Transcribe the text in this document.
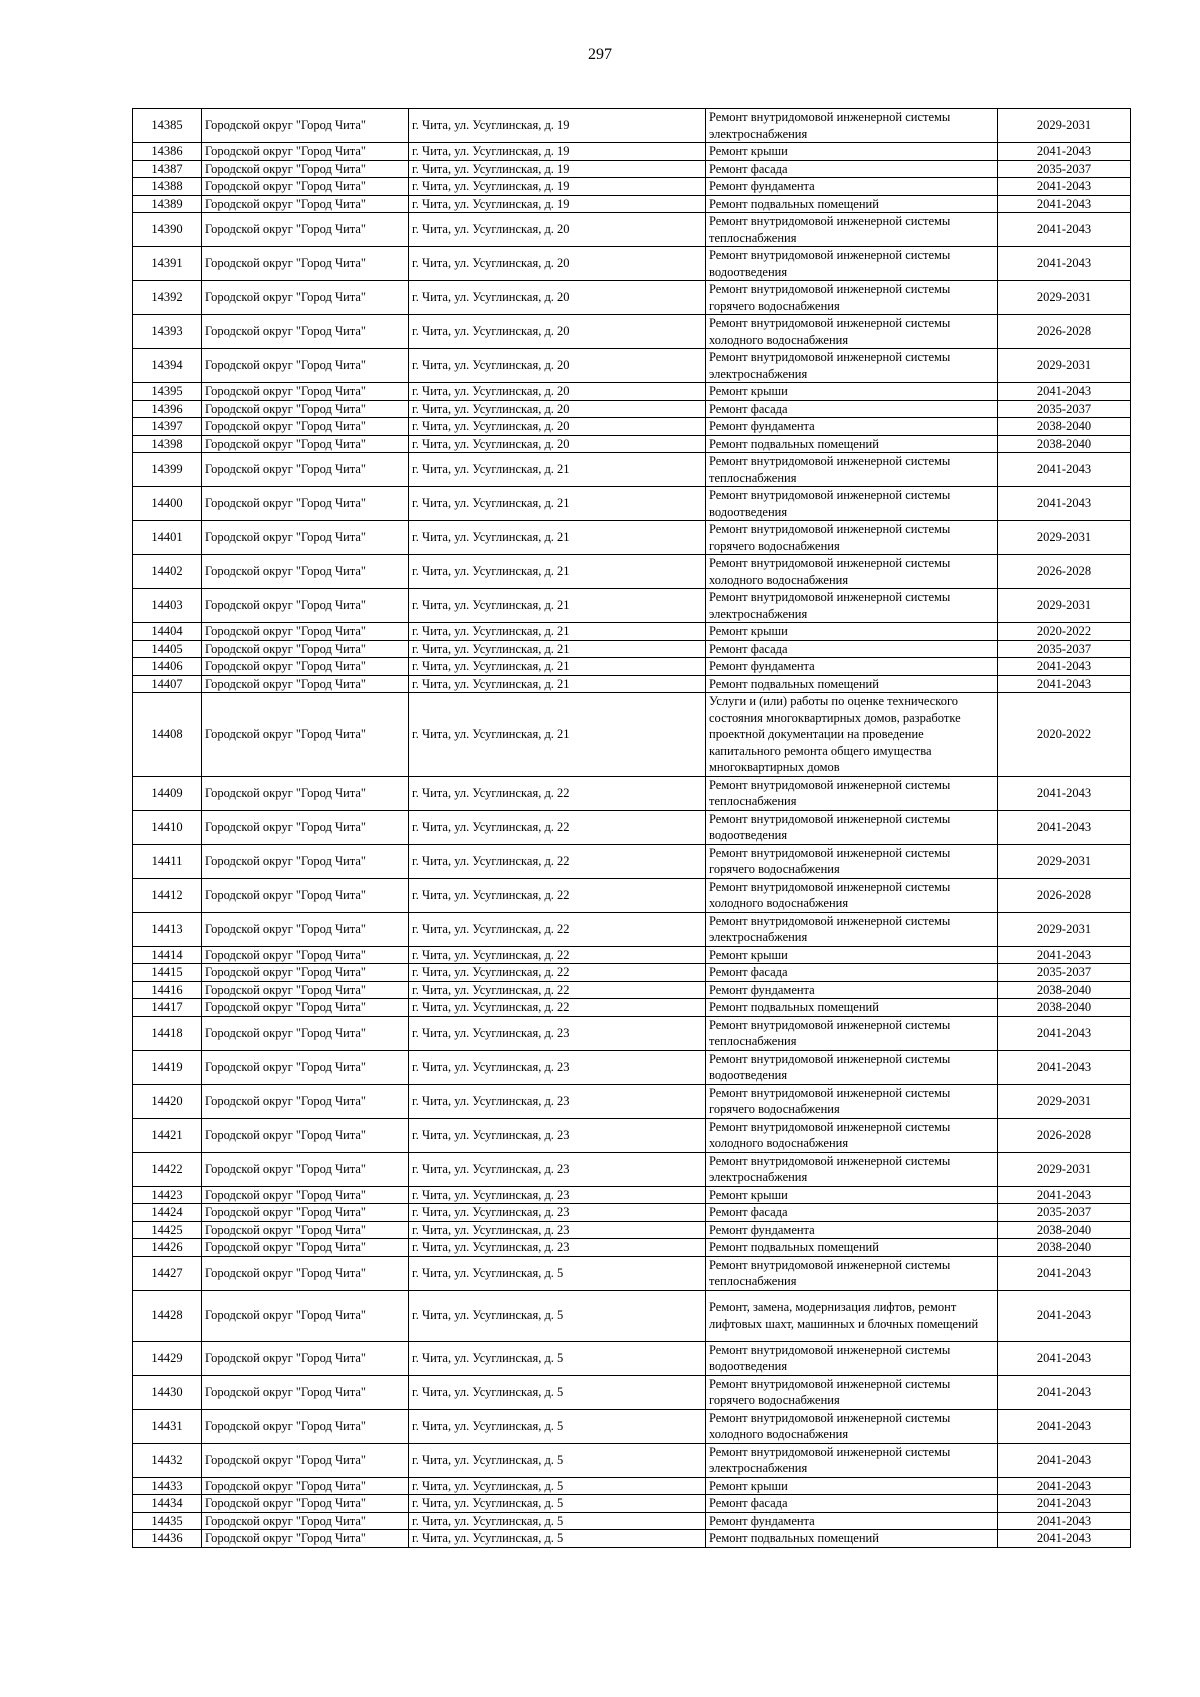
297
14385	Городской округ "Город Чита"	г. Чита, ул. Усуглинская, д. 19	Ремонт внутридомовой инженерной системы электроснабжения	2029-2031
14386	Городской округ "Город Чита"	г. Чита, ул. Усуглинская, д. 19	Ремонт крыши	2041-2043
14387	Городской округ "Город Чита"	г. Чита, ул. Усуглинская, д. 19	Ремонт фасада	2035-2037
14388	Городской округ "Город Чита"	г. Чита, ул. Усуглинская, д. 19	Ремонт фундамента	2041-2043
14389	Городской округ "Город Чита"	г. Чита, ул. Усуглинская, д. 19	Ремонт подвальных помещений	2041-2043
14390	Городской округ "Город Чита"	г. Чита, ул. Усуглинская, д. 20	Ремонт внутридомовой инженерной системы теплоснабжения	2041-2043
14391	Городской округ "Город Чита"	г. Чита, ул. Усуглинская, д. 20	Ремонт внутридомовой инженерной системы водоотведения	2041-2043
14392	Городской округ "Город Чита"	г. Чита, ул. Усуглинская, д. 20	Ремонт внутридомовой инженерной системы горячего водоснабжения	2029-2031
14393	Городской округ "Город Чита"	г. Чита, ул. Усуглинская, д. 20	Ремонт внутридомовой инженерной системы холодного водоснабжения	2026-2028
14394	Городской округ "Город Чита"	г. Чита, ул. Усуглинская, д. 20	Ремонт внутридомовой инженерной системы электроснабжения	2029-2031
14395	Городской округ "Город Чита"	г. Чита, ул. Усуглинская, д. 20	Ремонт крыши	2041-2043
14396	Городской округ "Город Чита"	г. Чита, ул. Усуглинская, д. 20	Ремонт фасада	2035-2037
14397	Городской округ "Город Чита"	г. Чита, ул. Усуглинская, д. 20	Ремонт фундамента	2038-2040
14398	Городской округ "Город Чита"	г. Чита, ул. Усуглинская, д. 20	Ремонт подвальных помещений	2038-2040
14399	Городской округ "Город Чита"	г. Чита, ул. Усуглинская, д. 21	Ремонт внутридомовой инженерной системы теплоснабжения	2041-2043
14400	Городской округ "Город Чита"	г. Чита, ул. Усуглинская, д. 21	Ремонт внутридомовой инженерной системы водоотведения	2041-2043
14401	Городской округ "Город Чита"	г. Чита, ул. Усуглинская, д. 21	Ремонт внутридомовой инженерной системы горячего водоснабжения	2029-2031
14402	Городской округ "Город Чита"	г. Чита, ул. Усуглинская, д. 21	Ремонт внутридомовой инженерной системы холодного водоснабжения	2026-2028
14403	Городской округ "Город Чита"	г. Чита, ул. Усуглинская, д. 21	Ремонт внутридомовой инженерной системы электроснабжения	2029-2031
14404	Городской округ "Город Чита"	г. Чита, ул. Усуглинская, д. 21	Ремонт крыши	2020-2022
14405	Городской округ "Город Чита"	г. Чита, ул. Усуглинская, д. 21	Ремонт фасада	2035-2037
14406	Городской округ "Город Чита"	г. Чита, ул. Усуглинская, д. 21	Ремонт фундамента	2041-2043
14407	Городской округ "Город Чита"	г. Чита, ул. Усуглинская, д. 21	Ремонт подвальных помещений	2041-2043
14408	Городской округ "Город Чита"	г. Чита, ул. Усуглинская, д. 21	Услуги и (или) работы по оценке технического состояния многоквартирных домов, разработке проектной документации на проведение капитального ремонта общего имущества многоквартирных домов	2020-2022
14409	Городской округ "Город Чита"	г. Чита, ул. Усуглинская, д. 22	Ремонт внутридомовой инженерной системы теплоснабжения	2041-2043
14410	Городской округ "Город Чита"	г. Чита, ул. Усуглинская, д. 22	Ремонт внутридомовой инженерной системы водоотведения	2041-2043
14411	Городской округ "Город Чита"	г. Чита, ул. Усуглинская, д. 22	Ремонт внутридомовой инженерной системы горячего водоснабжения	2029-2031
14412	Городской округ "Город Чита"	г. Чита, ул. Усуглинская, д. 22	Ремонт внутридомовой инженерной системы холодного водоснабжения	2026-2028
14413	Городской округ "Город Чита"	г. Чита, ул. Усуглинская, д. 22	Ремонт внутридомовой инженерной системы электроснабжения	2029-2031
14414	Городской округ "Город Чита"	г. Чита, ул. Усуглинская, д. 22	Ремонт крыши	2041-2043
14415	Городской округ "Город Чита"	г. Чита, ул. Усуглинская, д. 22	Ремонт фасада	2035-2037
14416	Городской округ "Город Чита"	г. Чита, ул. Усуглинская, д. 22	Ремонт фундамента	2038-2040
14417	Городской округ "Город Чита"	г. Чита, ул. Усуглинская, д. 22	Ремонт подвальных помещений	2038-2040
14418	Городской округ "Город Чита"	г. Чита, ул. Усуглинская, д. 23	Ремонт внутридомовой инженерной системы теплоснабжения	2041-2043
14419	Городской округ "Город Чита"	г. Чита, ул. Усуглинская, д. 23	Ремонт внутридомовой инженерной системы водоотведения	2041-2043
14420	Городской округ "Город Чита"	г. Чита, ул. Усуглинская, д. 23	Ремонт внутридомовой инженерной системы горячего водоснабжения	2029-2031
14421	Городской округ "Город Чита"	г. Чита, ул. Усуглинская, д. 23	Ремонт внутридомовой инженерной системы холодного водоснабжения	2026-2028
14422	Городской округ "Город Чита"	г. Чита, ул. Усуглинская, д. 23	Ремонт внутридомовой инженерной системы электроснабжения	2029-2031
14423	Городской округ "Город Чита"	г. Чита, ул. Усуглинская, д. 23	Ремонт крыши	2041-2043
14424	Городской округ "Город Чита"	г. Чита, ул. Усуглинская, д. 23	Ремонт фасада	2035-2037
14425	Городской округ "Город Чита"	г. Чита, ул. Усуглинская, д. 23	Ремонт фундамента	2038-2040
14426	Городской округ "Город Чита"	г. Чита, ул. Усуглинская, д. 23	Ремонт подвальных помещений	2038-2040
14427	Городской округ "Город Чита"	г. Чита, ул. Усуглинская, д. 5	Ремонт внутридомовой инженерной системы теплоснабжения	2041-2043
14428	Городской округ "Город Чита"	г. Чита, ул. Усуглинская, д. 5	Ремонт, замена, модернизация лифтов, ремонт лифтовых шахт, машинных и блочных помещений	2041-2043
14429	Городской округ "Город Чита"	г. Чита, ул. Усуглинская, д. 5	Ремонт внутридомовой инженерной системы водоотведения	2041-2043
14430	Городской округ "Город Чита"	г. Чита, ул. Усуглинская, д. 5	Ремонт внутридомовой инженерной системы горячего водоснабжения	2041-2043
14431	Городской округ "Город Чита"	г. Чита, ул. Усуглинская, д. 5	Ремонт внутридомовой инженерной системы холодного водоснабжения	2041-2043
14432	Городской округ "Город Чита"	г. Чита, ул. Усуглинская, д. 5	Ремонт внутридомовой инженерной системы электроснабжения	2041-2043
14433	Городской округ "Город Чита"	г. Чита, ул. Усуглинская, д. 5	Ремонт крыши	2041-2043
14434	Городской округ "Город Чита"	г. Чита, ул. Усуглинская, д. 5	Ремонт фасада	2041-2043
14435	Городской округ "Город Чита"	г. Чита, ул. Усуглинская, д. 5	Ремонт фундамента	2041-2043
14436	Городской округ "Город Чита"	г. Чита, ул. Усуглинская, д. 5	Ремонт подвальных помещений	2041-2043
